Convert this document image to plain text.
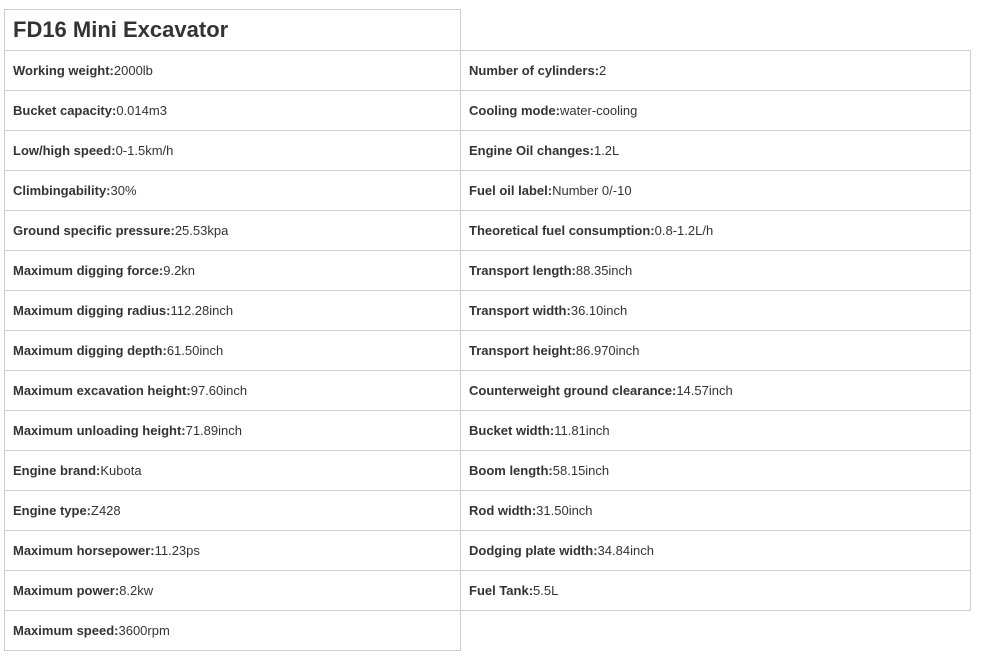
FD16 Mini Excavator	
Working weight:2000lb	Number of cylinders:2
Bucket capacity:0.014m3	Cooling mode:water-cooling
Low/high speed:0-1.5km/h	Engine Oil changes:1.2L
Climbingability:30%	Fuel oil label:Number 0/-10
Ground specific pressure:25.53kpa	Theoretical fuel consumption:0.8-1.2L/h
Maximum digging force:9.2kn	Transport length:88.35inch
Maximum digging radius:112.28inch	Transport width:36.10inch
Maximum digging depth:61.50inch	Transport height:86.970inch
Maximum excavation height:97.60inch	Counterweight ground clearance:14.57inch
Maximum unloading height:71.89inch	Bucket width:11.81inch
Engine brand:Kubota	Boom length:58.15inch
Engine type:Z428	Rod width:31.50inch
Maximum horsepower:11.23ps	Dodging plate width:34.84inch
Maximum power:8.2kw	Fuel Tank:5.5L
Maximum speed:3600rpm	
